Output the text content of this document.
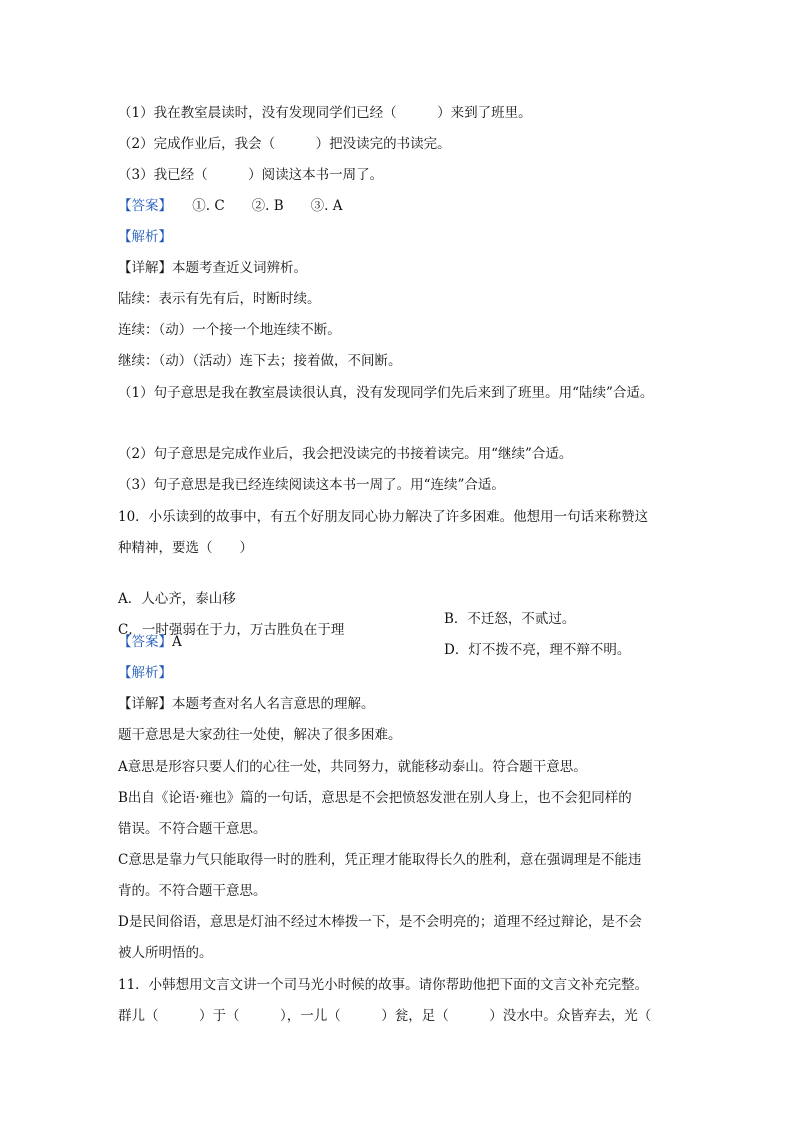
（1）我在教室晨读时，没有发现同学们已经（　　　）来到了班里。
（2）完成作业后，我会（　　　）把没读完的书读完。
（3）我已经（　　　）阅读这本书一周了。
【答案】　　①. C　　②. B　　③. A
【解析】
【详解】本题考查近义词辨析。
陆续：表示有先有后，时断时续。
连续：（动）一个接一个地连续不断。
继续：（动）（活动）连下去；接着做，不间断。
（1）句子意思是我在教室晨读很认真，没有发现同学们先后来到了班里。用“陆续”合适。
（2）句子意思是完成作业后，我会把没读完的书接着读完。用“继续”合适。
（3）句子意思是我已经连续阅读这本书一周了。用“连续”合适。
10．小乐读到的故事中，有五个好朋友同心协力解决了许多困难。他想用一句话来称赞这
种精神，要选（　　）

A．人心齐，泰山移

B．不迁怒，不贰过。

C．一时强弱在于力，万古胜负在于理

D．灯不拨不亮，理不辩不明。

【答案】A
【解析】
【详解】本题考查对名人名言意思的理解。
题干意思是大家劲往一处使，解决了很多困难。
A意思是形容只要人们的心往一处，共同努力，就能移动泰山。符合题干意思。
B出自《论语·雍也》篇的一句话，意思是不会把愤怒发泄在别人身上，也不会犯同样的
错误。不符合题干意思。
C意思是靠力气只能取得一时的胜利，凭正理才能取得长久的胜利，意在强调理是不能违
背的。不符合题干意思。
D是民间俗语，意思是灯油不经过木棒拨一下，是不会明亮的；道理不经过辩论，是不会
被人所明悟的。
11．小韩想用文言文讲一个司马光小时候的故事。请你帮助他把下面的文言文补充完整。
群儿（　　　）于（　　　），一儿（　　　）瓮，足（　　　）没水中。众皆弃去，光（
